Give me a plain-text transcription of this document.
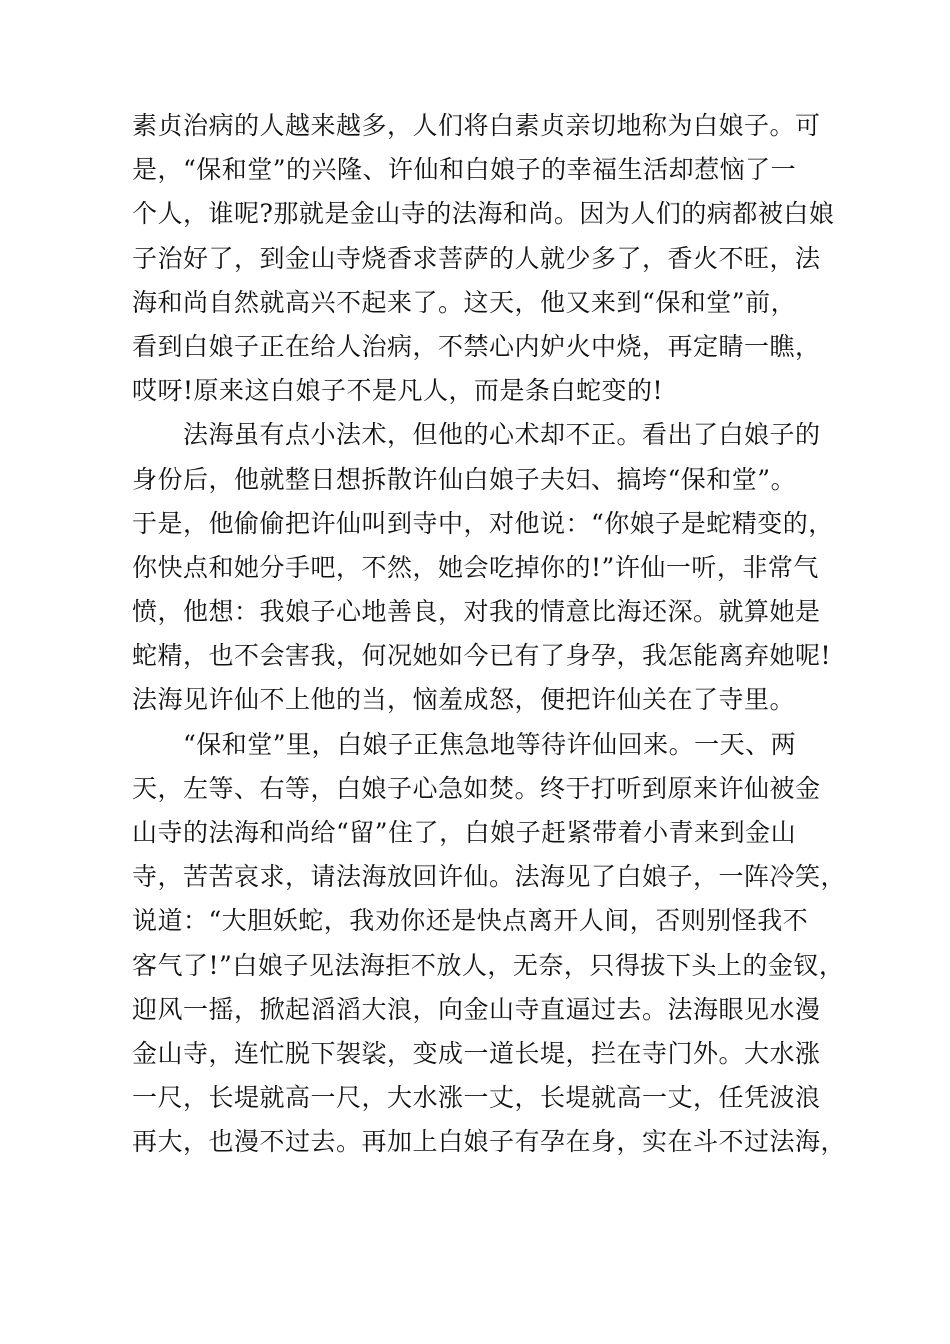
素贞治病的人越来越多，人们将白素贞亲切地称为白娘子。可
是，“保和堂”的兴隆、许仙和白娘子的幸福生活却惹恼了一
个人，谁呢?那就是金山寺的法海和尚。因为人们的病都被白娘
子治好了，到金山寺烧香求菩萨的人就少多了，香火不旺，法
海和尚自然就高兴不起来了。这天，他又来到“保和堂”前，
看到白娘子正在给人治病，不禁心内妒火中烧，再定睛一瞧，
哎呀!原来这白娘子不是凡人，而是条白蛇变的!
　　法海虽有点小法术，但他的心术却不正。看出了白娘子的
身份后，他就整日想拆散许仙白娘子夫妇、搞垮“保和堂”。
于是，他偷偷把许仙叫到寺中，对他说：“你娘子是蛇精变的，
你快点和她分手吧，不然，她会吃掉你的!”许仙一听，非常气
愤，他想：我娘子心地善良，对我的情意比海还深。就算她是
蛇精，也不会害我，何况她如今已有了身孕，我怎能离弃她呢!
法海见许仙不上他的当，恼羞成怒，便把许仙关在了寺里。
　　“保和堂”里，白娘子正焦急地等待许仙回来。一天、两
天，左等、右等，白娘子心急如焚。终于打听到原来许仙被金
山寺的法海和尚给“留”住了，白娘子赶紧带着小青来到金山
寺，苦苦哀求，请法海放回许仙。法海见了白娘子，一阵冷笑，
说道：“大胆妖蛇，我劝你还是快点离开人间，否则别怪我不
客气了!”白娘子见法海拒不放人，无奈，只得拔下头上的金钗，
迎风一摇，掀起滔滔大浪，向金山寺直逼过去。法海眼见水漫
金山寺，连忙脱下袈裟，变成一道长堤，拦在寺门外。大水涨
一尺，长堤就高一尺，大水涨一丈，长堤就高一丈，任凭波浪
再大，也漫不过去。再加上白娘子有孕在身，实在斗不过法海，
